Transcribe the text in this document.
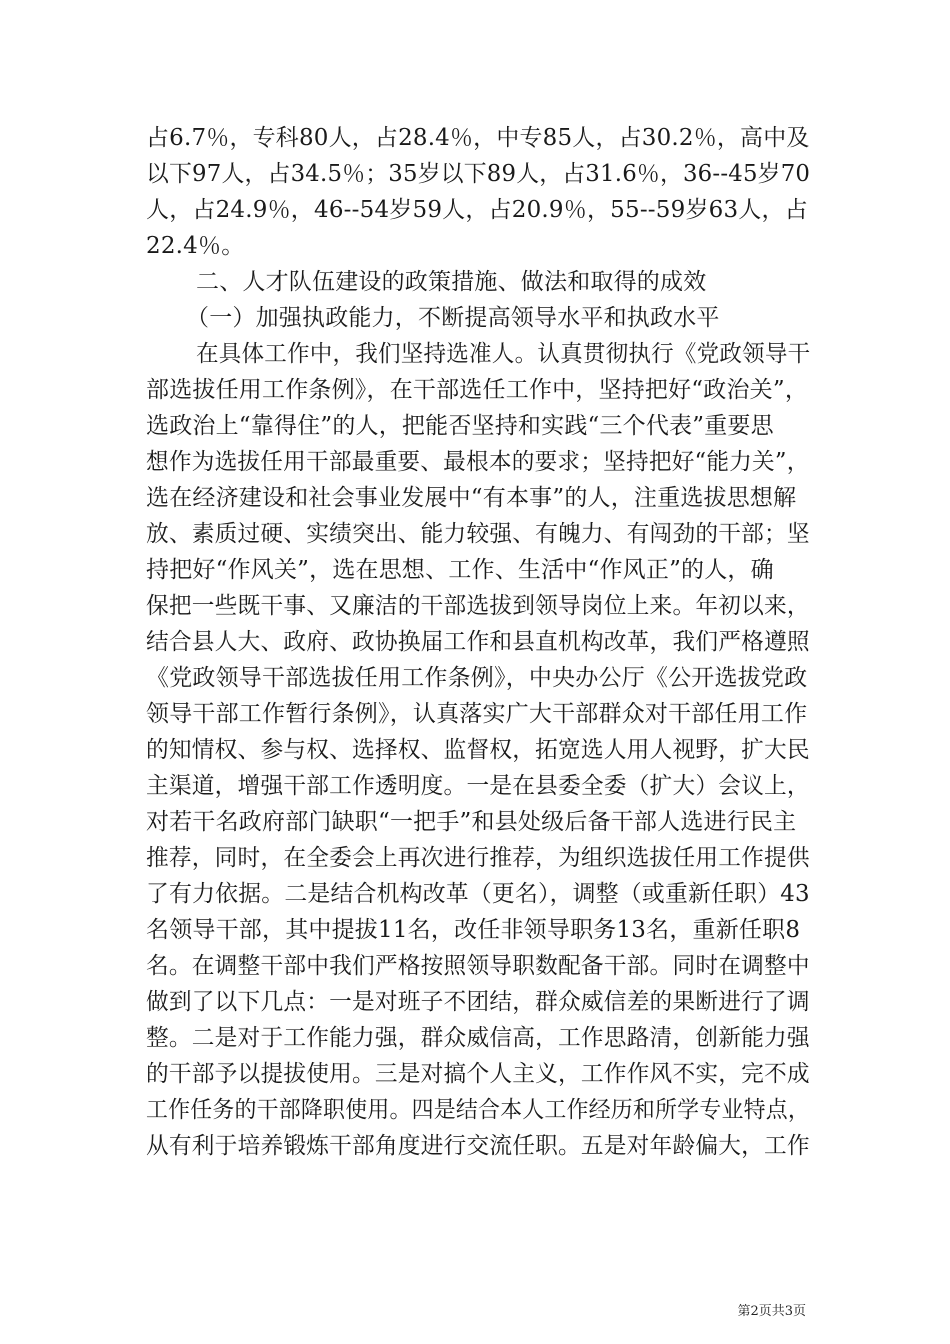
占6.7％，专科80人，占28.4％，中专85人，占30.2％，高中及
以下97人，占34.5％；35岁以下89人，占31.6％，36--45岁70
人，占24.9％，46--54岁59人，占20.9％，55--59岁63人，占
22.4％。
二、人才队伍建设的政策措施、做法和取得的成效
（一）加强执政能力，不断提高领导水平和执政水平
在具体工作中，我们坚持选准人。认真贯彻执行《党政领导干
部选拔任用工作条例》，在干部选任工作中，坚持把好“政治关”，
选政治上“靠得住”的人，把能否坚持和实践“三个代表”重要思
想作为选拔任用干部最重要、最根本的要求；坚持把好“能力关”，
选在经济建设和社会事业发展中“有本事”的人，注重选拔思想解
放、素质过硬、实绩突出、能力较强、有魄力、有闯劲的干部；坚
持把好“作风关”，选在思想、工作、生活中“作风正”的人，确
保把一些既干事、又廉洁的干部选拔到领导岗位上来。年初以来，
结合县人大、政府、政协换届工作和县直机构改革，我们严格遵照
《党政领导干部选拔任用工作条例》，中央办公厅《公开选拔党政
领导干部工作暂行条例》，认真落实广大干部群众对干部任用工作
的知情权、参与权、选择权、监督权，拓宽选人用人视野，扩大民
主渠道，增强干部工作透明度。一是在县委全委（扩大）会议上，
对若干名政府部门缺职“一把手”和县处级后备干部人选进行民主
推荐，同时，在全委会上再次进行推荐，为组织选拔任用工作提供
了有力依据。二是结合机构改革（更名），调整（或重新任职）43
名领导干部，其中提拔11名，改任非领导职务13名，重新任职8
名。在调整干部中我们严格按照领导职数配备干部。同时在调整中
做到了以下几点：一是对班子不团结，群众威信差的果断进行了调
整。二是对于工作能力强，群众威信高，工作思路清，创新能力强
的干部予以提拔使用。三是对搞个人主义，工作作风不实，完不成
工作任务的干部降职使用。四是结合本人工作经历和所学专业特点，
从有利于培养锻炼干部角度进行交流任职。五是对年龄偏大，工作
第2页共3页
